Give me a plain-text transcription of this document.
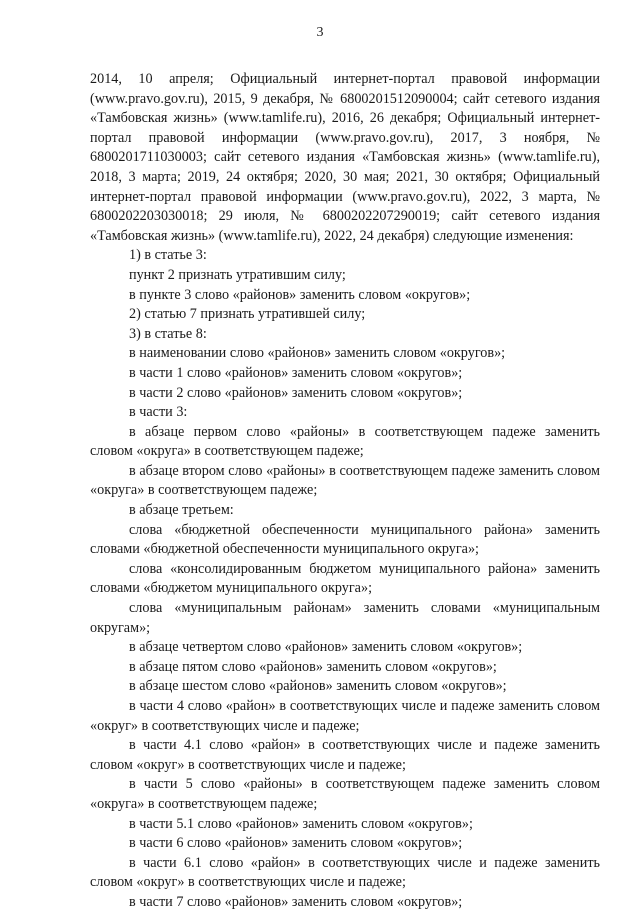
3

2014, 10 апреля; Официальный интернет-портал правовой информации (www.pravo.gov.ru), 2015, 9 декабря, № 6800201512090004; сайт сетевого издания «Тамбовская жизнь» (www.tamlife.ru), 2016, 26 декабря; Официальный интернет-портал правовой информации (www.pravo.gov.ru), 2017, 3 ноября, № 6800201711030003; сайт сетевого издания «Тамбовская жизнь» (www.tamlife.ru), 2018, 3 марта; 2019, 24 октября; 2020, 30 мая; 2021, 30 октября; Официальный интернет-портал правовой информации (www.pravo.gov.ru), 2022, 3 марта, № 6800202203030018; 29 июля, № 6800202207290019; сайт сетевого издания «Тамбовская жизнь» (www.tamlife.ru), 2022, 24 декабря) следующие изменения:

1) в статье 3:

пункт 2 признать утратившим силу;

в пункте 3 слово «районов» заменить словом «округов»;

2) статью 7 признать утратившей силу;

3) в статье 8:

в наименовании слово «районов» заменить словом «округов»;

в части 1 слово «районов» заменить словом «округов»;

в части 2 слово «районов» заменить словом «округов»;

в части 3:

в абзаце первом слово «районы» в соответствующем падеже заменить словом «округа» в соответствующем падеже;

в абзаце втором слово «районы» в соответствующем падеже заменить словом «округа» в соответствующем падеже;

в абзаце третьем:

слова «бюджетной обеспеченности муниципального района» заменить словами «бюджетной обеспеченности муниципального округа»;

слова «консолидированным бюджетом муниципального района» заменить словами «бюджетом муниципального округа»;

слова «муниципальным районам» заменить словами «муниципальным округам»;

в абзаце четвертом слово «районов» заменить словом «округов»;

в абзаце пятом слово «районов» заменить словом «округов»;

в абзаце шестом слово «районов» заменить словом «округов»;

в части 4 слово «район» в соответствующих числе и падеже заменить словом «округ» в соответствующих числе и падеже;

в части 4.1 слово «район» в соответствующих числе и падеже заменить словом «округ» в соответствующих числе и падеже;

в части 5 слово «районы» в соответствующем падеже заменить словом «округа» в соответствующем падеже;

в части 5.1 слово «районов» заменить словом «округов»;

в части 6 слово «районов» заменить словом «округов»;

в части 6.1 слово «район» в соответствующих числе и падеже заменить словом «округ» в соответствующих числе и падеже;

в части 7 слово «районов» заменить словом «округов»;
